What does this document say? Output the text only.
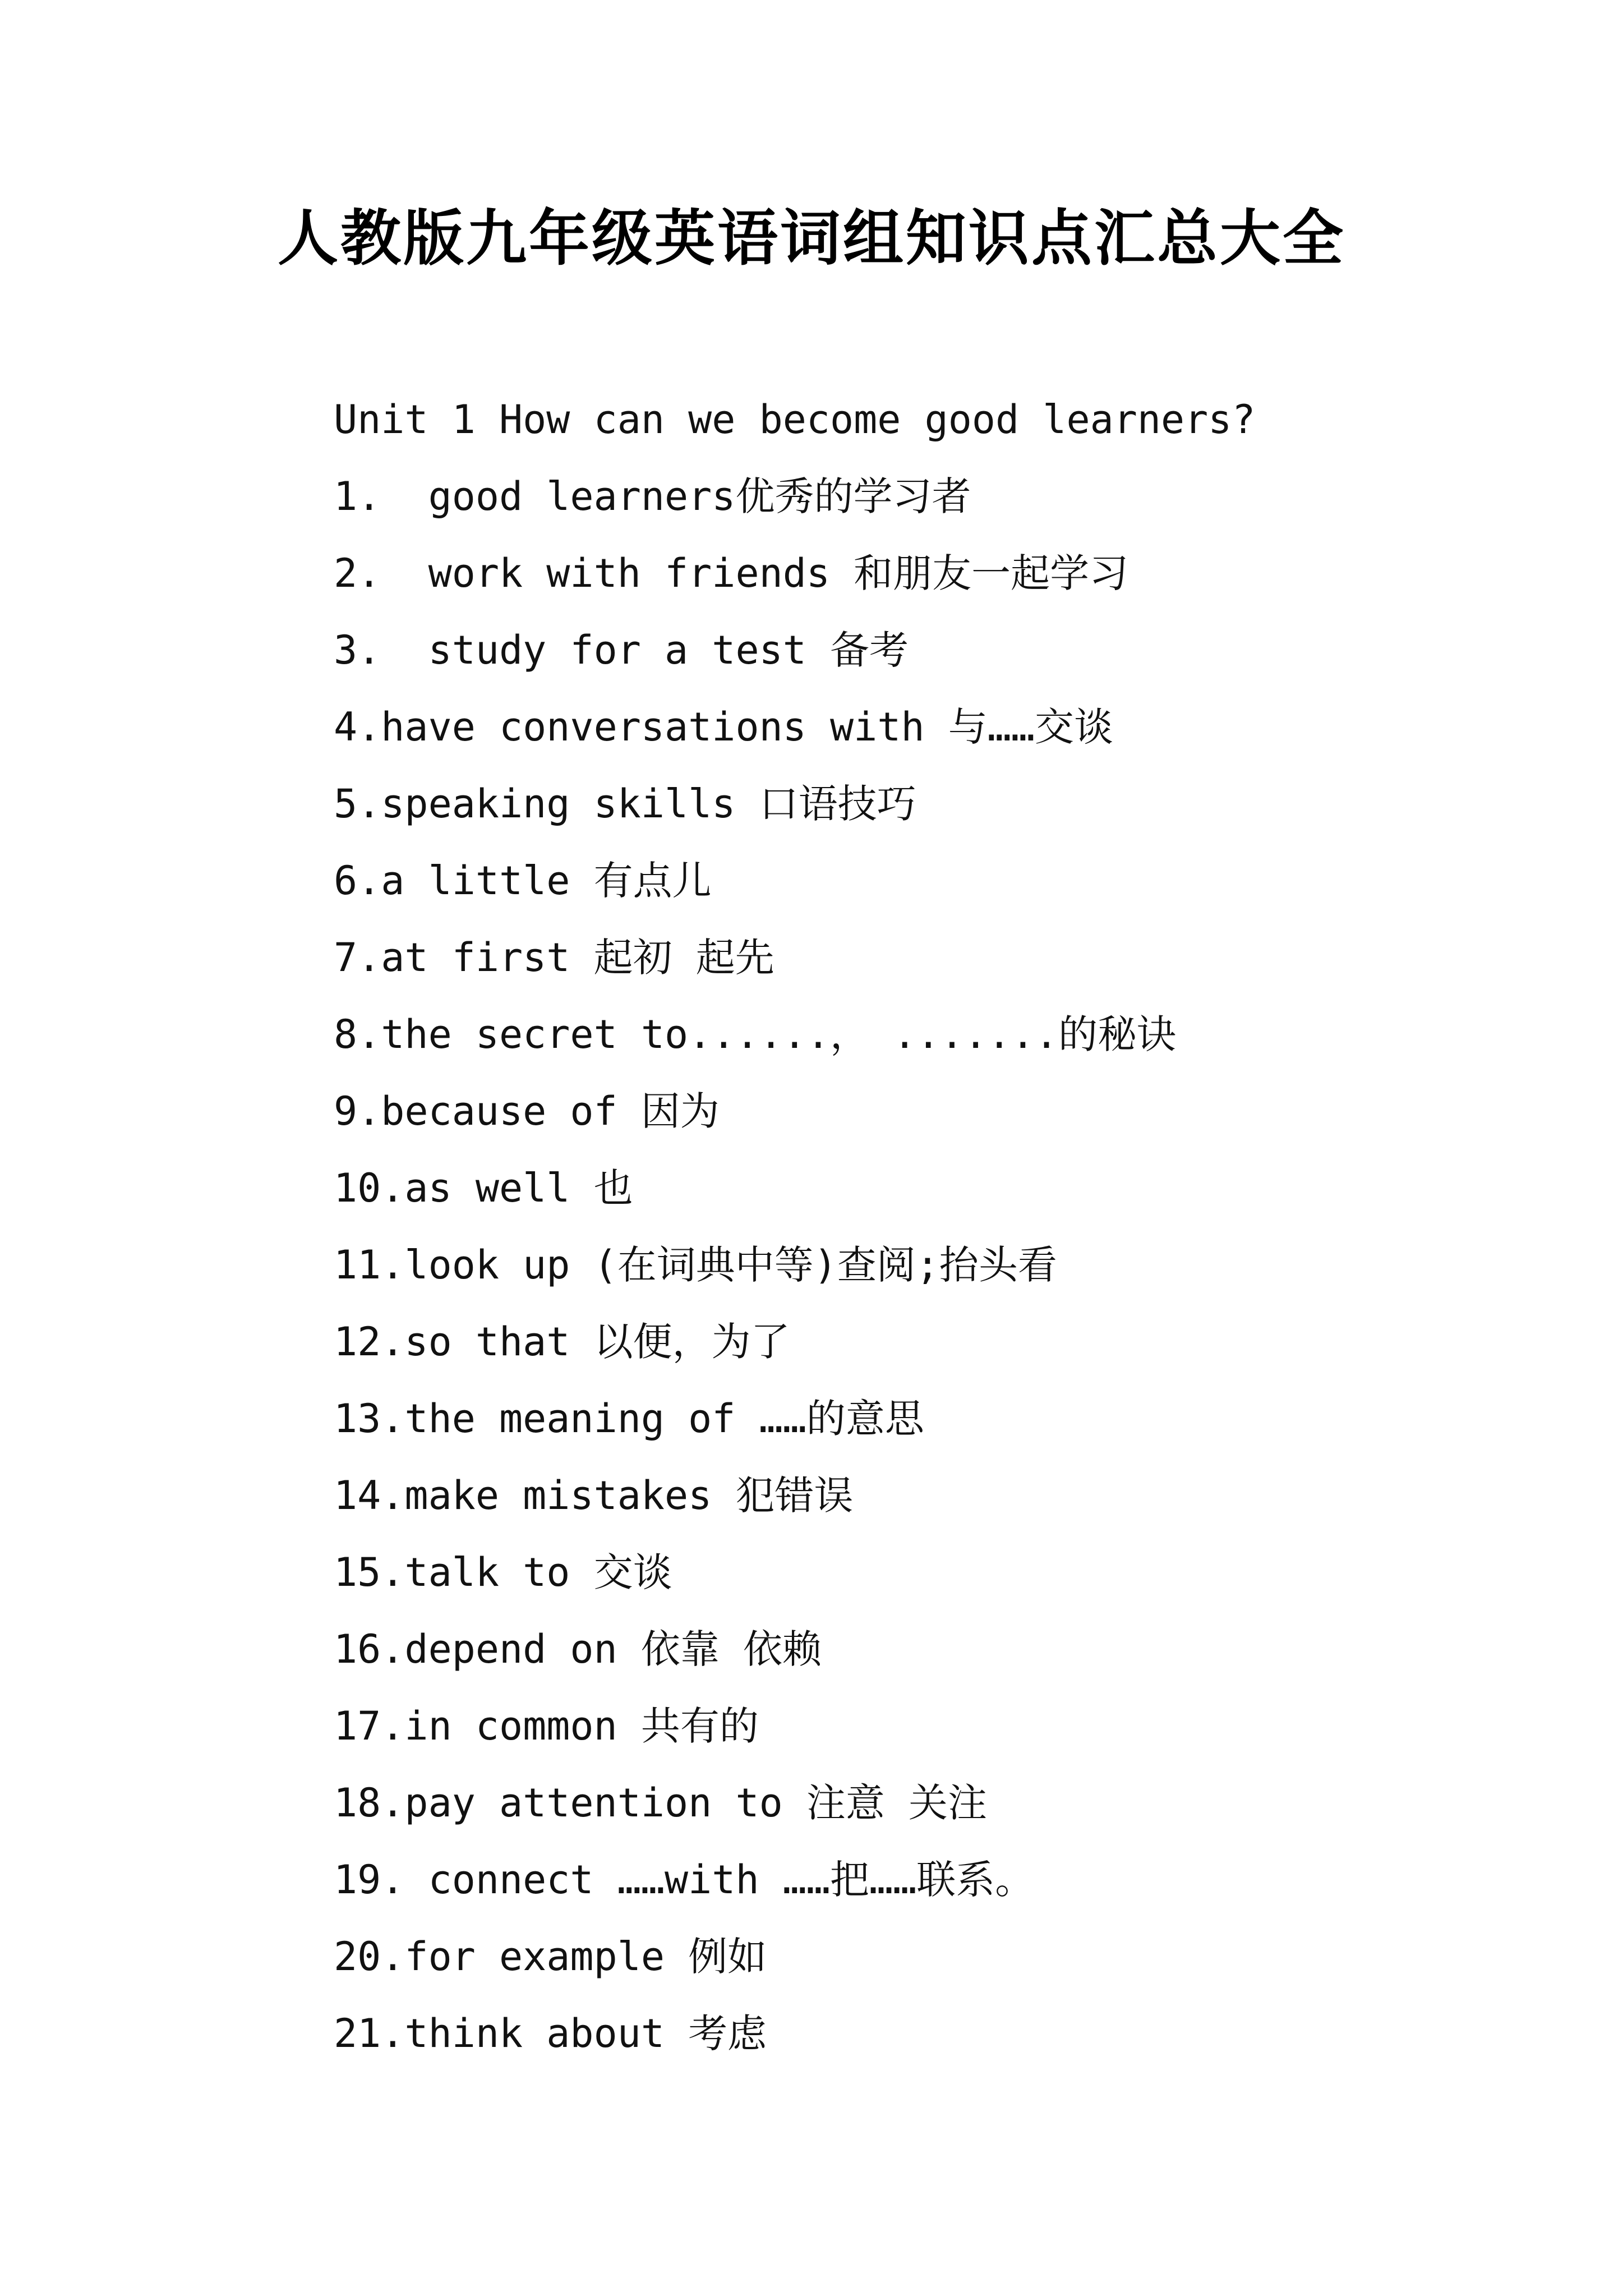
人教版九年级英语词组知识点汇总大全
Unit 1 How can we become good learners?
1.  good learners优秀的学习者
2.  work with friends 和朋友一起学习
3.  study for a test 备考
4.have conversations with 与……交谈
5.speaking skills 口语技巧
6.a little 有点儿
7.at first 起初 起先
8.the secret to......， .......的秘诀
9.because of 因为
10.as well 也
11.look up (在词典中等)查阅;抬头看
12.so that 以便，为了
13.the meaning of ……的意思
14.make mistakes 犯错误
15.talk to 交谈
16.depend on 依靠 依赖
17.in common 共有的
18.pay attention to 注意 关注
19. connect ……with ……把……联系。
20.for example 例如
21.think about 考虑
